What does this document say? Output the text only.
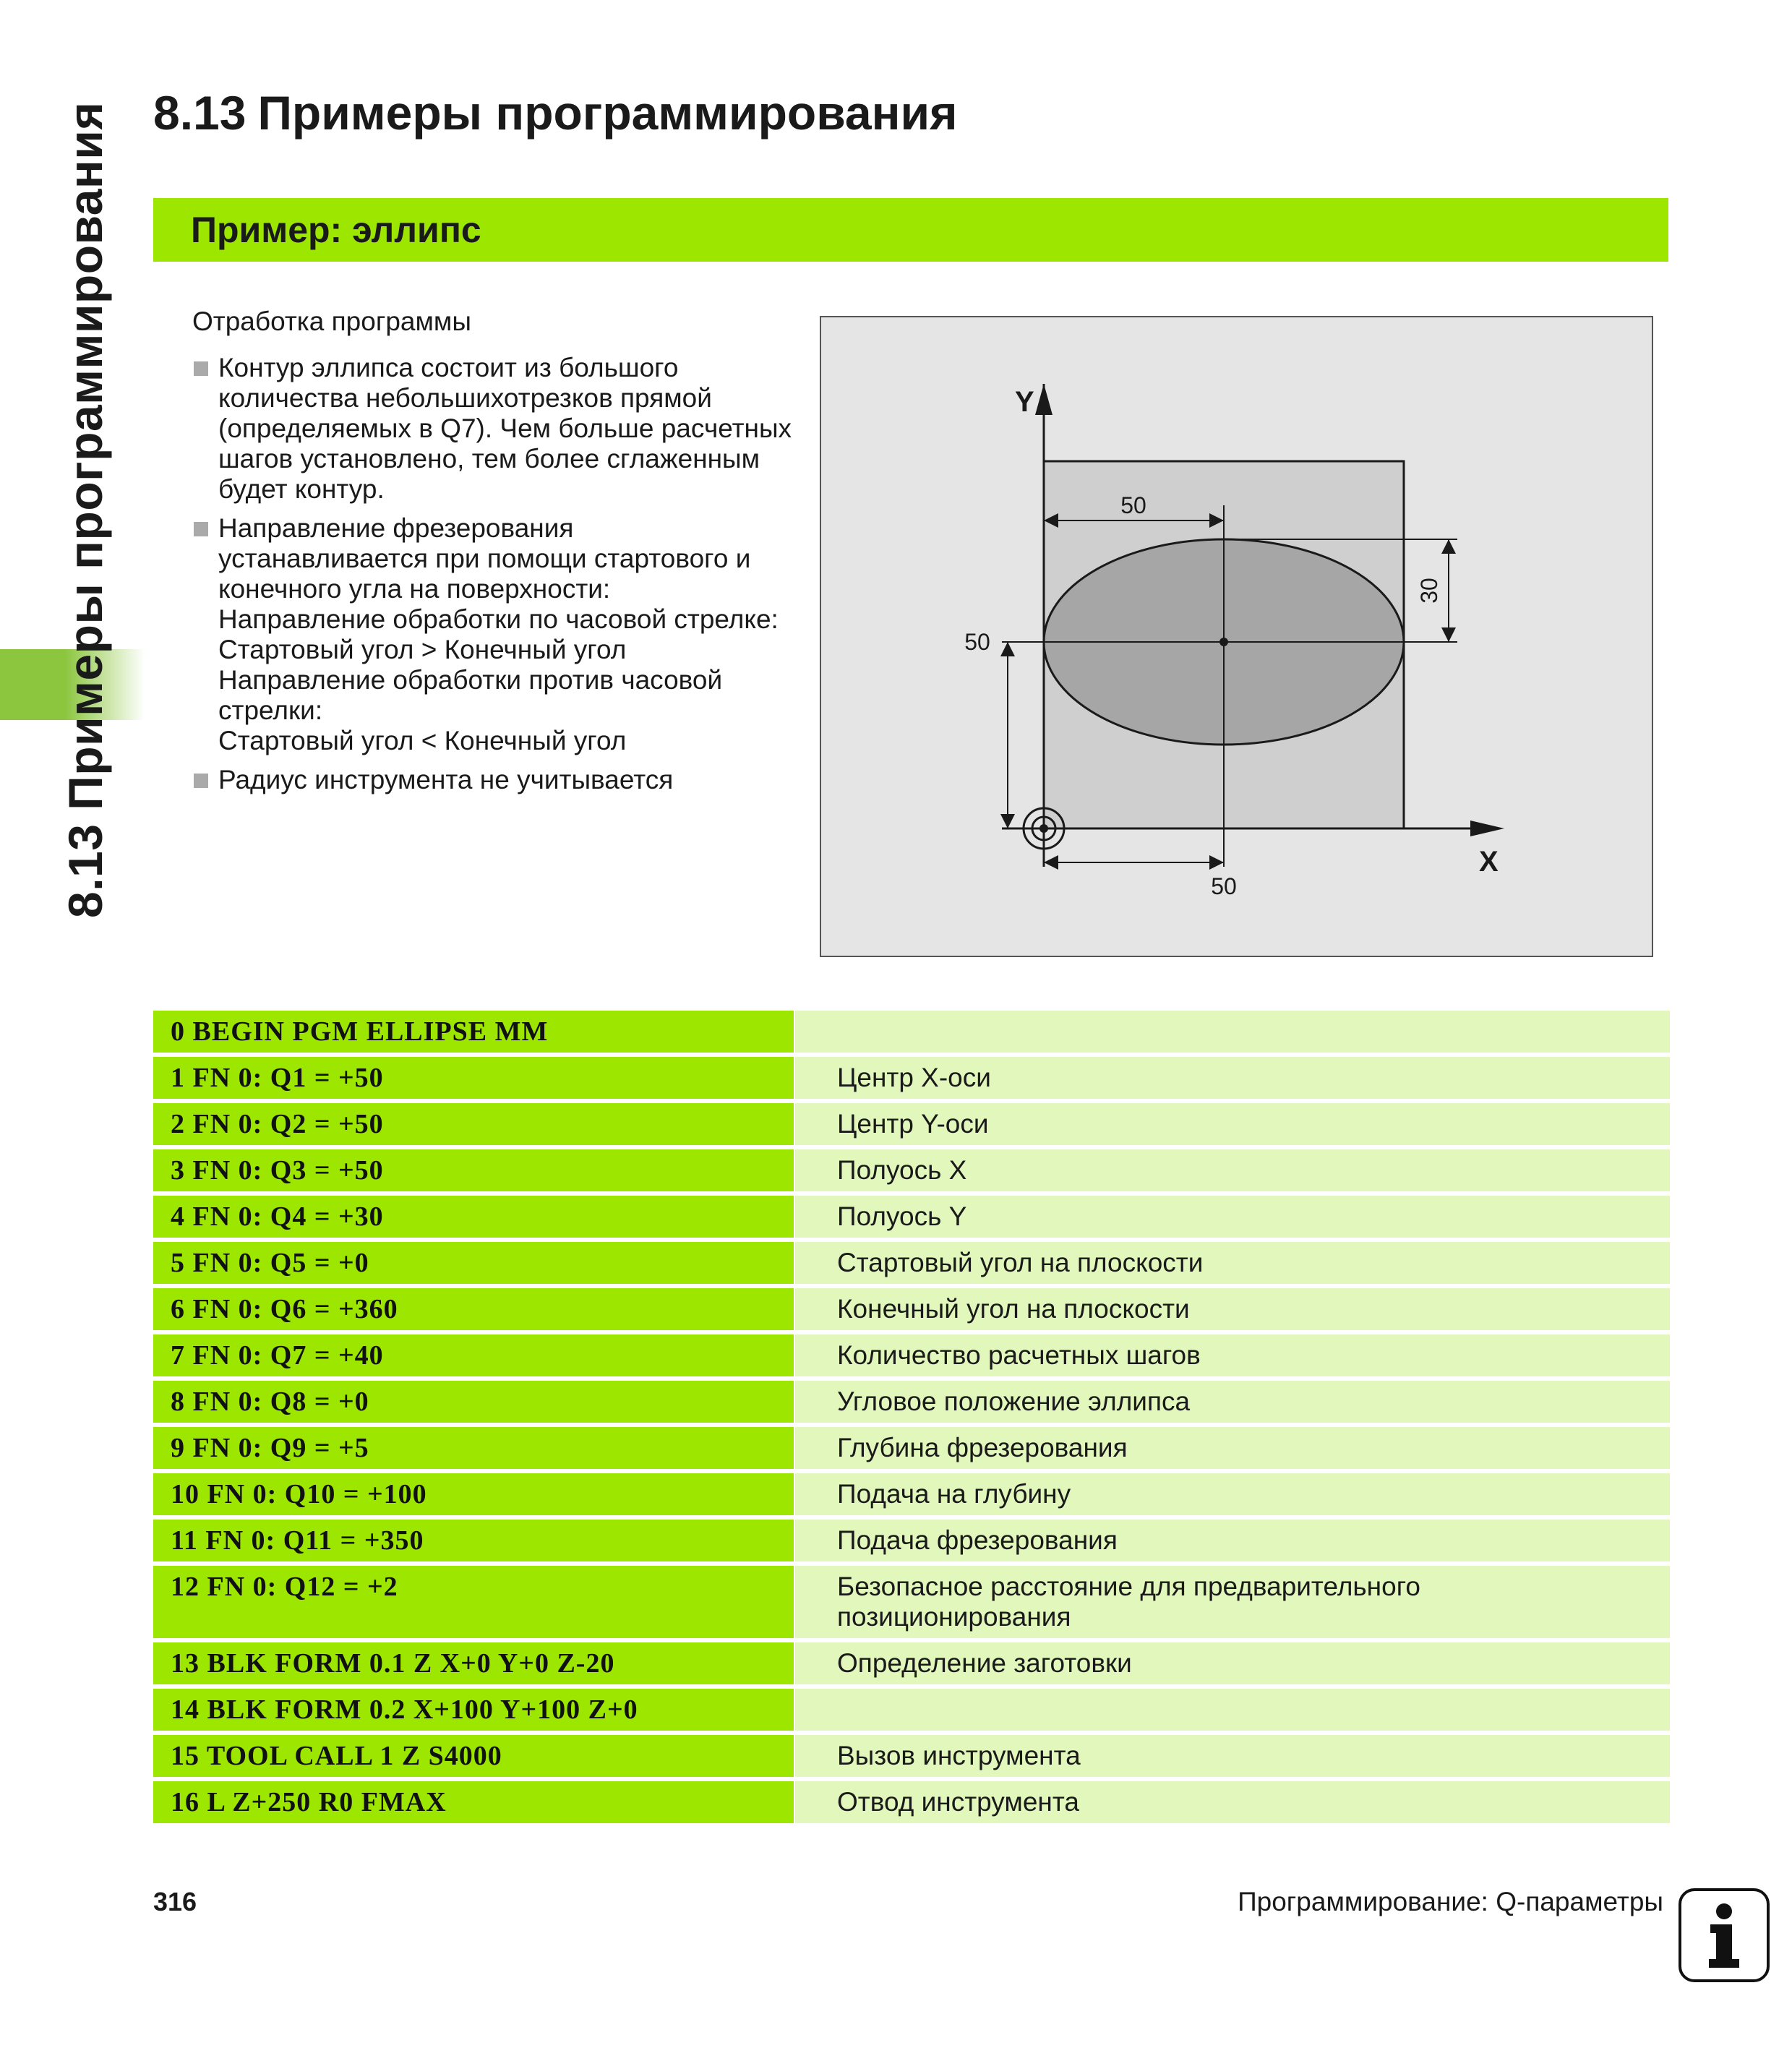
8.13 Примеры программирования 8.13 Примеры программирования
Пример: эллипс

Отработка программы

Контур эллипса состоит из большого
количества небольшихотрезков прямой
(определяемых в Q7). Чем больше расчетных
шагов установлено, тем более сглаженным
будет контур.
Направление фрезерования
устанавливается при помощи стартового и
конечного угла на поверхности:
Направление обработки по часовой стрелке:
Стартовый угол > Конечный угол
Направление обработки против часовой
стрелки:
Стартовый угол < Конечный угол
Радиус инструмента не учитывается
50
30
50
50
Y
X
0 BEGIN PGM ELLIPSE MM

1 FN 0: Q1 = +50	Центр X-оси
2 FN 0: Q2 = +50	Центр Y-оси
3 FN 0: Q3 = +50	Полуось X
4 FN 0: Q4 = +30	Полуось Y
5 FN 0: Q5 = +0	Стартовый угол на плоскости
6 FN 0: Q6 = +360	Конечный угол на плоскости
7 FN 0: Q7 = +40	Количество расчетных шагов
8 FN 0: Q8 = +0	Угловое положение эллипса
9 FN 0: Q9 = +5	Глубина фрезерования
10 FN 0: Q10 = +100	Подача на глубину
11 FN 0: Q11 = +350	Подача фрезерования
12 FN 0: Q12 = +2	Безопасное расстояние для предварительного
позиционирования
13 BLK FORM 0.1 Z X+0 Y+0 Z-20	Определение заготовки
14 BLK FORM 0.2 X+100 Y+100 Z+0

15 TOOL CALL 1 Z S4000	Вызов инструмента
16 L Z+250 R0 FMAX	Отвод инструмента
316	Программирование: Q-параметры
